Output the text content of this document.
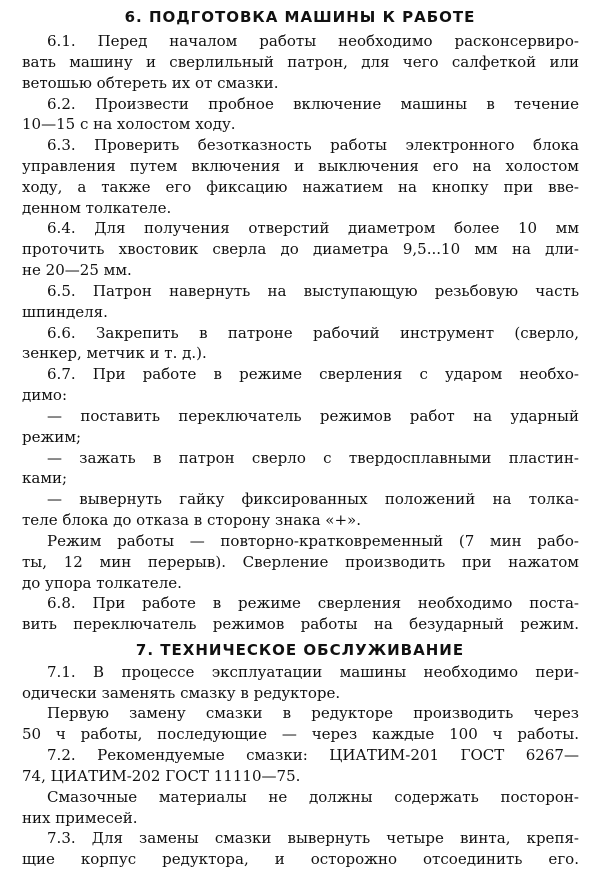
6. ПОДГОТОВКА МАШИНЫ К РАБОТЕ
6.1. Перед началом работы необходимо расконсервиро-
вать машину и сверлильный патрон, для чего салфеткой или
ветошью обтереть их от смазки.
6.2. Произвести пробное включение машины в течение
10—15 с на холостом ходу.
6.3. Проверить безотказность работы электронного блока
управления путем включения и выключения его на холостом
ходу, а также его фиксацию нажатием на кнопку при вве-
денном толкателе.
6.4. Для получения отверстий диаметром более 10 мм
проточить хвостовик сверла до диаметра 9,5...10 мм на дли-
не 20—25 мм.
6.5. Патрон навернуть на выступающую резьбовую часть
шпинделя.
6.6. Закрепить в патроне рабочий инструмент (сверло,
зенкер, метчик и т. д.).
6.7. При работе в режиме сверления с ударом необхо-
димо:
— поставить переключатель режимов работ на ударный
режим;
— зажать в патрон сверло с твердосплавными пластин-
ками;
— вывернуть гайку фиксированных положений на толка-
теле блока до отказа в сторону знака «+».
Режим работы — повторно-кратковременный (7 мин рабо-
ты, 12 мин перерыв). Сверление производить при нажатом
до упора толкателе.
6.8. При работе в режиме сверления необходимо поста-
вить переключатель режимов работы на безударный режим.
7. ТЕХНИЧЕСКОЕ ОБСЛУЖИВАНИЕ
7.1. В процессе эксплуатации машины необходимо пери-
одически заменять смазку в редукторе.
Первую замену смазки в редукторе производить через
50 ч работы, последующие — через каждые 100 ч работы.
7.2. Рекомендуемые смазки: ЦИАТИМ-201 ГОСТ 6267—
74, ЦИАТИМ-202 ГОСТ 11110—75.
Смазочные материалы не должны содержать посторон-
них примесей.
7.3. Для замены смазки вывернуть четыре винта, крепя-
щие корпус редуктора, и осторожно отсоединить его.
